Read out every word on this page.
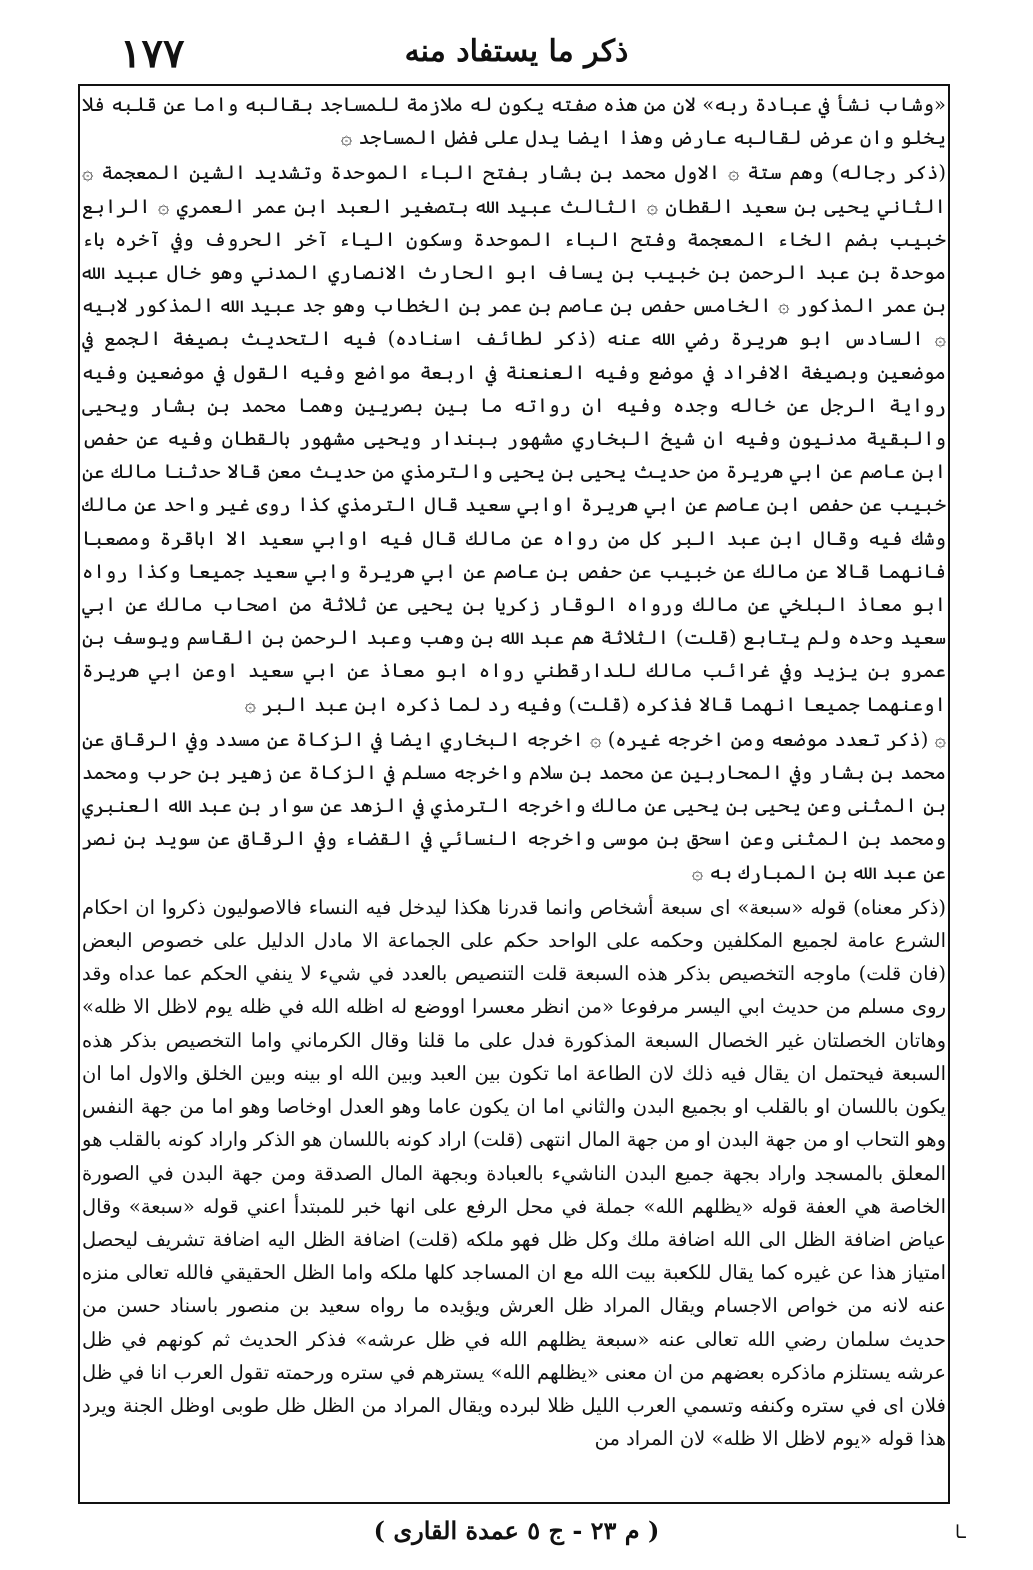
١٧٧	ذكر ما يستفاد منه

«وشاب نشأ في عبادة ربه» لان من هذه صفته يكون له ملازمة للمساجد بقالبه واما عن قلبه فلا يخلو وان عرض لقالبه عارض وهذا ايضا يدل على فضل المساجد ۞

(ذكر رجاله) وهم ستة ۞ الاول محمد بن بشار بفتح الباء الموحدة وتشديد الشين المعجمة ۞ الثاني يحيى بن سعيد القطان ۞ الثالث عبيد الله بتصغير العبد ابن عمر العمري ۞ الرابع خبيب بضم الخاء المعجمة وفتح الباء الموحدة وسكون الياء آخر الحروف وفي آخره باء موحدة بن عبد الرحمن بن خبيب بن يساف ابو الحارث الانصاري المدني وهو خال عبيد الله بن عمر المذكور ۞ الخامس حفص بن عاصم بن عمر بن الخطاب وهو جد عبيد الله المذكور لابيه ۞ السادس ابو هريرة رضي الله عنه (ذكر لطائف اسناده) فيه التحديث بصيغة الجمع في موضعين وبصيغة الافراد في موضع وفيه العنعنة في اربعة مواضع وفيه القول في موضعين وفيه رواية الرجل عن خاله وجده وفيه ان رواته ما بين بصريين وهما محمد بن بشار ويحيى والبقية مدنيون وفيه ان شيخ البخاري مشهور ببندار ويحيى مشهور بالقطان وفيه عن حفص ابن عاصم عن ابي هريرة من حديث يحيى بن يحيى والترمذي من حديث معن قالا حدثنا مالك عن خبيب عن حفص ابن عاصم عن ابي هريرة اوابي سعيد قال الترمذي كذا روى غير واحد عن مالك وشك فيه وقال ابن عبد البر كل من رواه عن مالك قال فيه اوابي سعيد الا اباقرة ومصعبا فانهما قالا عن مالك عن خبيب عن حفص بن عاصم عن ابي هريرة وابي سعيد جميعا وكذا رواه ابو معاذ البلخي عن مالك ورواه الوقار زكريا بن يحيى عن ثلاثة من اصحاب مالك عن ابي سعيد وحده ولم يتابع (قلت) الثلاثة هم عبد الله بن وهب وعبد الرحمن بن القاسم ويوسف بن عمرو بن يزيد وفي غرائب مالك للدارقطني رواه ابو معاذ عن ابي سعيد اوعن ابي هريرة اوعنهما جميعا انهما قالا فذكره (قلت) وفيه رد لما ذكره ابن عبد البر ۞

۞ (ذكر تعدد موضعه ومن اخرجه غيره) ۞ اخرجه البخاري ايضا في الزكاة عن مسدد وفي الرقاق عن محمد بن بشار وفي المحاربين عن محمد بن سلام واخرجه مسلم في الزكاة عن زهير بن حرب ومحمد بن المثنى وعن يحيى بن يحيى عن مالك واخرجه الترمذي في الزهد عن سوار بن عبد الله العنبري ومحمد بن المثنى وعن اسحق بن موسى واخرجه النسائي في القضاء وفي الرقاق عن سويد بن نصر عن عبد الله بن المبارك به ۞

(ذكر معناه) قوله «سبعة» اى سبعة أشخاص وانما قدرنا هكذا ليدخل فيه النساء فالاصوليون ذكروا ان احكام الشرع عامة لجميع المكلفين وحكمه على الواحد حكم على الجماعة الا مادل الدليل على خصوص البعض (فان قلت) ماوجه التخصيص بذكر هذه السبعة قلت التنصيص بالعدد في شيء لا ينفي الحكم عما عداه وقد روى مسلم من حديث ابي اليسر مرفوعا «من انظر معسرا اووضع له اظله الله في ظله يوم لاظل الا ظله» وهاتان الخصلتان غير الخصال السبعة المذكورة فدل على ما قلنا وقال الكرماني واما التخصيص بذكر هذه السبعة فيحتمل ان يقال فيه ذلك لان الطاعة اما تكون بين العبد وبين الله او بينه وبين الخلق والاول اما ان يكون باللسان او بالقلب او بجميع البدن والثاني اما ان يكون عاما وهو العدل اوخاصا وهو اما من جهة النفس وهو التحاب او من جهة البدن او من جهة المال انتهى (قلت) اراد كونه باللسان هو الذكر واراد كونه بالقلب هو المعلق بالمسجد واراد بجهة جميع البدن الناشيء بالعبادة وبجهة المال الصدقة ومن جهة البدن في الصورة الخاصة هي العفة قوله «يظلهم الله» جملة في محل الرفع على انها خبر للمبتدأ اعني قوله «سبعة» وقال عياض اضافة الظل الى الله اضافة ملك وكل ظل فهو ملكه (قلت) اضافة الظل اليه اضافة تشريف ليحصل امتياز هذا عن غيره كما يقال للكعبة بيت الله مع ان المساجد كلها ملكه واما الظل الحقيقي فالله تعالى منزه عنه لانه من خواص الاجسام ويقال المراد ظل العرش ويؤيده ما رواه سعيد بن منصور باسناد حسن من حديث سلمان رضي الله تعالى عنه «سبعة يظلهم الله في ظل عرشه» فذكر الحديث ثم كونهم في ظل عرشه يستلزم ماذكره بعضهم من ان معنى «يظلهم الله» يسترهم في ستره ورحمته تقول العرب انا في ظل فلان اى في ستره وكنفه وتسمي العرب الليل ظلا لبرده ويقال المراد من الظل ظل طوبى اوظل الجنة ويرد هذا قوله «يوم لاظل الا ظله» لان المراد من

( م ٢٣ - ج ٥ عمدة القارى )	ـا
